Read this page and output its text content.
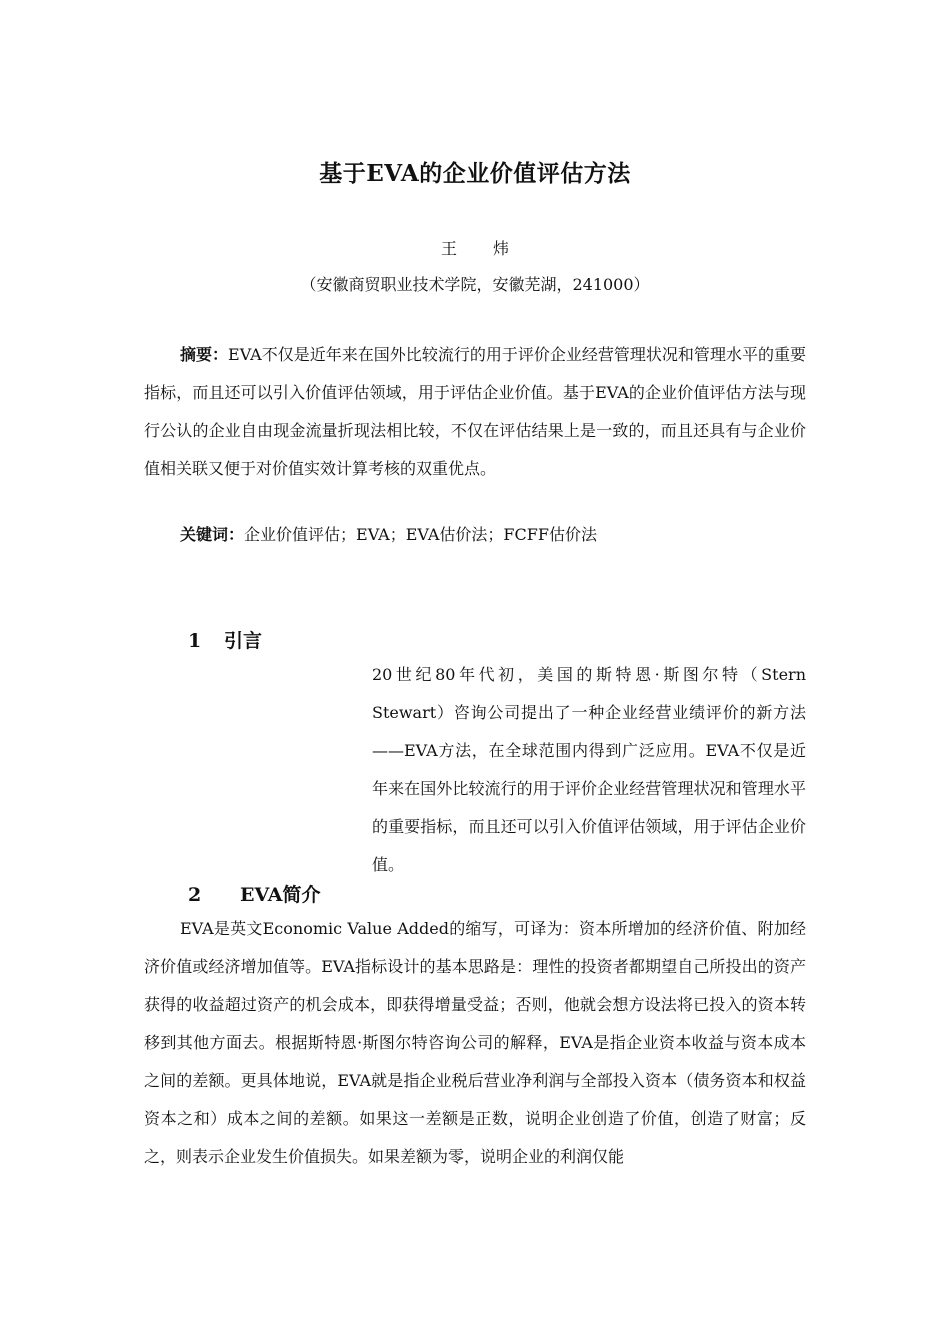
基于EVA的企业价值评估方法
王 炜
（安徽商贸职业技术学院，安徽芜湖，241000）
摘要：EVA不仅是近年来在国外比较流行的用于评价企业经营管理状况和管理水平的重要指标，而且还可以引入价值评估领域，用于评估企业价值。基于EVA的企业价值评估方法与现行公认的企业自由现金流量折现法相比较，不仅在评估结果上是一致的，而且还具有与企业价值相关联又便于对价值实效计算考核的双重优点。
关键词：企业价值评估；EVA；EVA估价法；FCFF估价法
1 引言
20世纪80年代初，美国的斯特恩·斯图尔特（Stern Stewart）咨询公司提出了一种企业经营业绩评价的新方法——EVA方法，在全球范围内得到广泛应用。EVA不仅是近年来在国外比较流行的用于评价企业经营管理状况和管理水平的重要指标，而且还可以引入价值评估领域，用于评估企业价值。
2 EVA简介
EVA是英文Economic Value Added的缩写，可译为：资本所增加的经济价值、附加经济价值或经济增加值等。EVA指标设计的基本思路是：理性的投资者都期望自己所投出的资产获得的收益超过资产的机会成本，即获得增量受益；否则，他就会想方设法将已投入的资本转移到其他方面去。根据斯特恩·斯图尔特咨询公司的解释，EVA是指企业资本收益与资本成本之间的差额。更具体地说，EVA就是指企业税后营业净利润与全部投入资本（债务资本和权益资本之和）成本之间的差额。如果这一差额是正数，说明企业创造了价值，创造了财富；反之，则表示企业发生价值损失。如果差额为零，说明企业的利润仅能
